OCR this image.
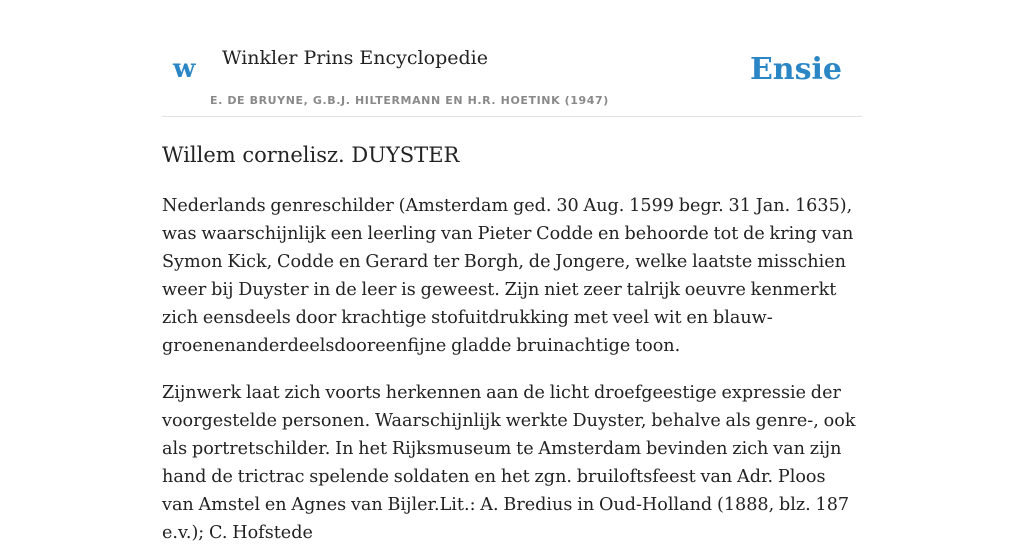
w Winkler Prins Encyclopedie
E. DE BRUYNE, G.B.J. HILTERMANN EN H.R. HOETINK (1947)
Ensie
Willem cornelisz. DUYSTER

Nederlands genreschilder (Amsterdam ged. 30 Aug. 1599 begr. 31 Jan. 1635), was waarschijnlijk een leerling van Pieter Codde en behoorde tot de kring van Symon Kick, Codde en Gerard ter Borgh, de Jongere, welke laatste misschien weer bij Duyster in de leer is geweest. Zijn niet zeer talrijk oeuvre kenmerkt zich eensdeels door krachtige stofuitdrukking met veel wit en blauw-groenenanderdeelsdooreenfijne gladde bruinachtige toon.

Zijnwerk laat zich voorts herkennen aan de licht droefgeestige expressie der voorgestelde personen. Waarschijnlijk werkte Duyster, behalve als genre-, ook als portretschilder. In het Rijksmuseum te Amsterdam bevinden zich van zijn hand de trictrac spelende soldaten en het zgn. bruiloftsfeest van Adr. Ploos van Amstel en Agnes van Bijler.Lit.: A. Bredius in Oud-Holland (1888, blz. 187 e.v.); C. Hofstede
